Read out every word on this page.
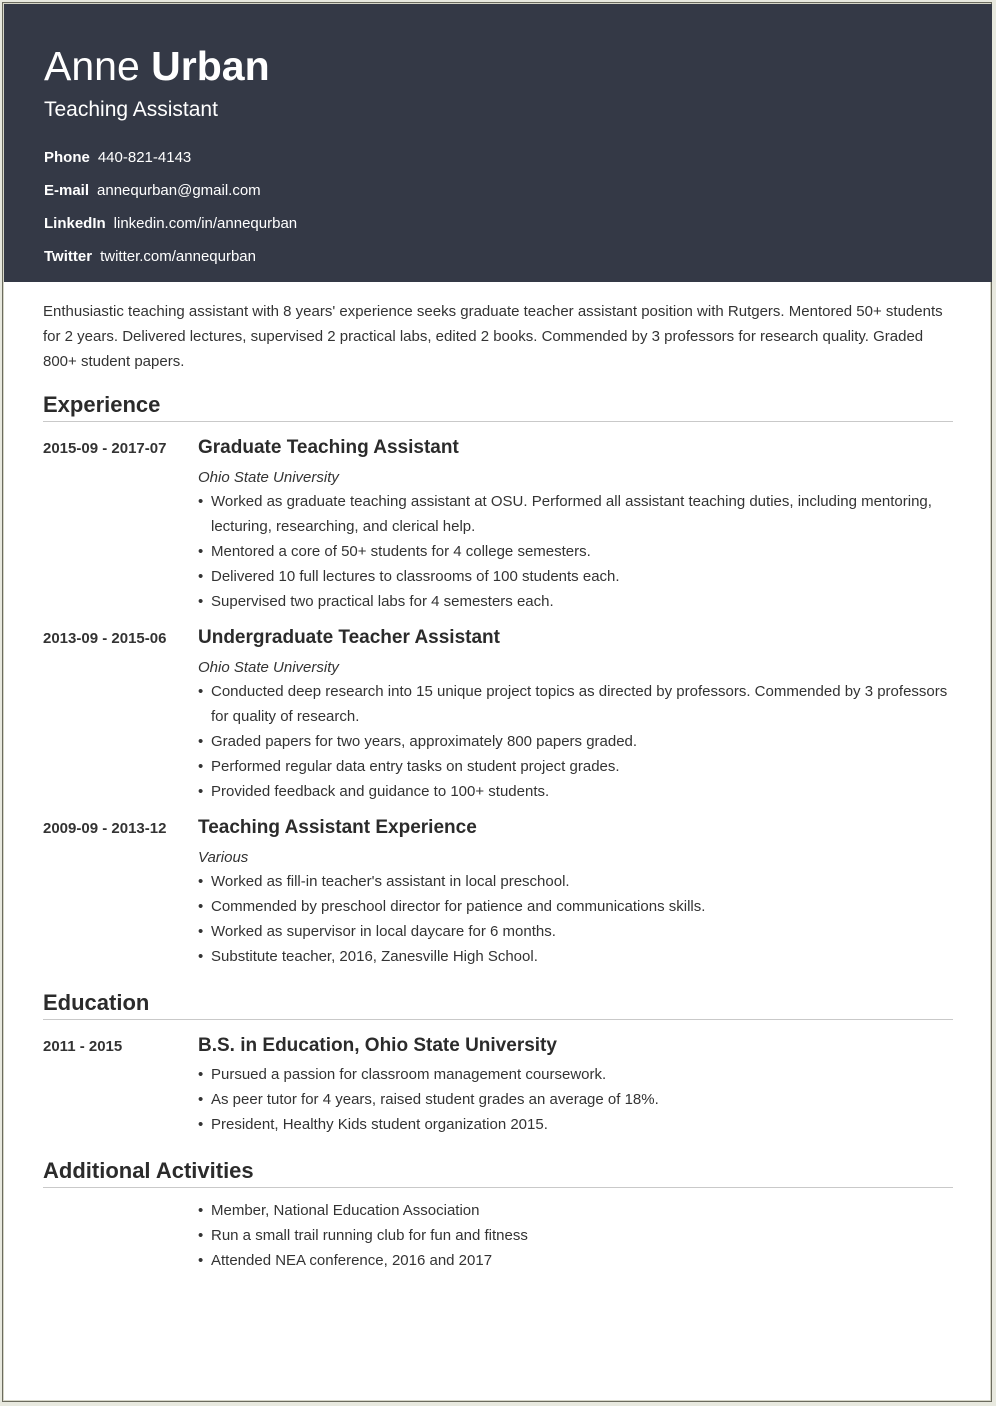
Anne Urban
Teaching Assistant
Phone 440-821-4143
E-mail annequrban@gmail.com
LinkedIn linkedin.com/in/annequrban
Twitter twitter.com/annequrban
Enthusiastic teaching assistant with 8 years' experience seeks graduate teacher assistant position with Rutgers. Mentored 50+ students for 2 years. Delivered lectures, supervised 2 practical labs, edited 2 books. Commended by 3 professors for research quality. Graded 800+ student papers.
Experience
2015-09 - 2017-07 Graduate Teaching Assistant
Ohio State University
• Worked as graduate teaching assistant at OSU. Performed all assistant teaching duties, including mentoring, lecturing, researching, and clerical help.
• Mentored a core of 50+ students for 4 college semesters.
• Delivered 10 full lectures to classrooms of 100 students each.
• Supervised two practical labs for 4 semesters each.
2013-09 - 2015-06 Undergraduate Teacher Assistant
Ohio State University
• Conducted deep research into 15 unique project topics as directed by professors. Commended by 3 professors for quality of research.
• Graded papers for two years, approximately 800 papers graded.
• Performed regular data entry tasks on student project grades.
• Provided feedback and guidance to 100+ students.
2009-09 - 2013-12 Teaching Assistant Experience
Various
• Worked as fill-in teacher's assistant in local preschool.
• Commended by preschool director for patience and communications skills.
• Worked as supervisor in local daycare for 6 months.
• Substitute teacher, 2016, Zanesville High School.
Education
2011 - 2015	B.S. in Education, Ohio State University
• Pursued a passion for classroom management coursework.
• As peer tutor for 4 years, raised student grades an average of 18%.
• President, Healthy Kids student organization 2015.
Additional Activities
• Member, National Education Association
• Run a small trail running club for fun and fitness
• Attended NEA conference, 2016 and 2017
